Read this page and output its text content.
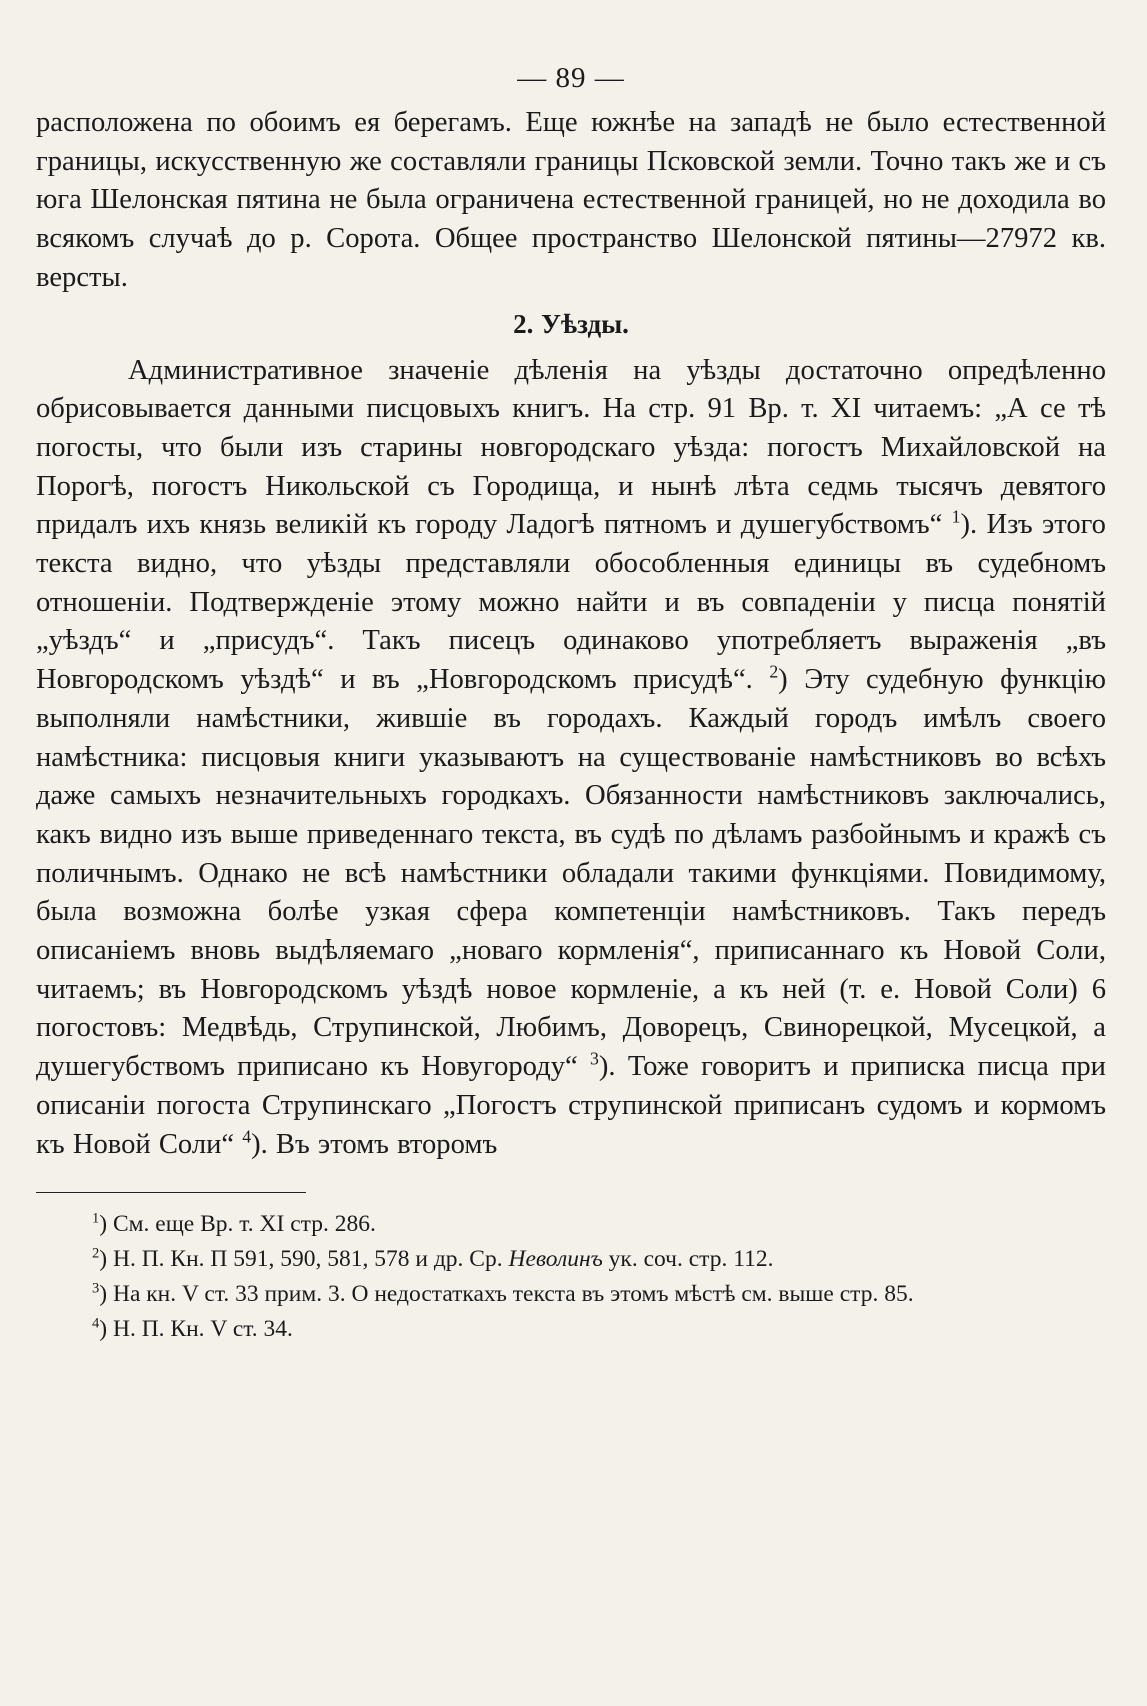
— 89 —

расположена по обоимъ ея берегамъ. Еще южнѣе на западѣ не было естественной границы, искусственную же составляли границы Псковской земли. Точно такъ же и съ юга Шелонская пятина не была ограничена естественной границей, но не доходила во всякомъ случаѣ до р. Сорота. Общее пространство Шелонской пятины—27972 кв. версты.

2. Уѣзды.

Административное значенiе дѣленiя на уѣзды достаточно опредѣленно обрисовывается данными писцовыхъ книгъ. На стр. 91 Вр. т. XI читаемъ: „А се тѣ погосты, что были изъ старины новгородскаго уѣзда: погостъ Михайловской на Порогѣ, погостъ Никольской съ Городища, и нынѣ лѣта седмь тысячъ девятого придалъ ихъ князь великiй къ городу Ладогѣ пятномъ и душегубствомъ“ $^1$). Изъ этого текста видно, что уѣзды представляли обособленныя единицы въ судебномъ отношенiи. Подтвержденiе этому можно найти и въ совпаденiи у писца понятiй „уѣздъ“ и „присудъ“. Такъ писецъ одинаково употребляетъ выраженiя „въ Новгородскомъ уѣздѣ“ и въ „Новгородскомъ присудѣ“. $^2$) Эту судебную функцiю выполняли намѣстники, жившiе въ городахъ. Каждый городъ имѣлъ своего намѣстника: писцовыя книги указываютъ на существованiе намѣстниковъ во всѣхъ даже самыхъ незначительныхъ городкахъ. Обязанности намѣстниковъ заключались, какъ видно изъ выше приведеннаго текста, въ судѣ по дѣламъ разбойнымъ и кражѣ съ поличнымъ. Однако не всѣ намѣстники обладали такими функцiями. Повидимому, была возможна болѣе узкая сфера компетенцiи намѣстниковъ. Такъ передъ описанiемъ вновь выдѣляемаго „новаго кормленiя“, приписаннаго къ Новой Соли, читаемъ; въ Новгородскомъ уѣздѣ новое кормленiе, а къ ней (т. е. Новой Соли) 6 погостовъ: Медвѣдь, Струпинской, Любимъ, Доворецъ, Свинорецкой, Мусецкой, а душегубствомъ приписано къ Новугороду“ $^3$). Тоже говоритъ и приписка писца при описанiи погоста Струпинскаго „Погостъ струпинской приписанъ судомъ и кормомъ къ Новой Соли“ $^4$). Въ этомъ второмъ

$^1$) См. еще Вр. т. XI стр. 286.

$^2$) Н. П. Кн. П 591, 590, 581, 578 и др. Ср. Неволинъ ук. соч. стр. 112.

$^3$) На кн. V ст. 33 прим. 3. О недостаткахъ текста въ этомъ мѣстѣ см. выше стр. 85.

$^4$) Н. П. Кн. V ст. 34.
